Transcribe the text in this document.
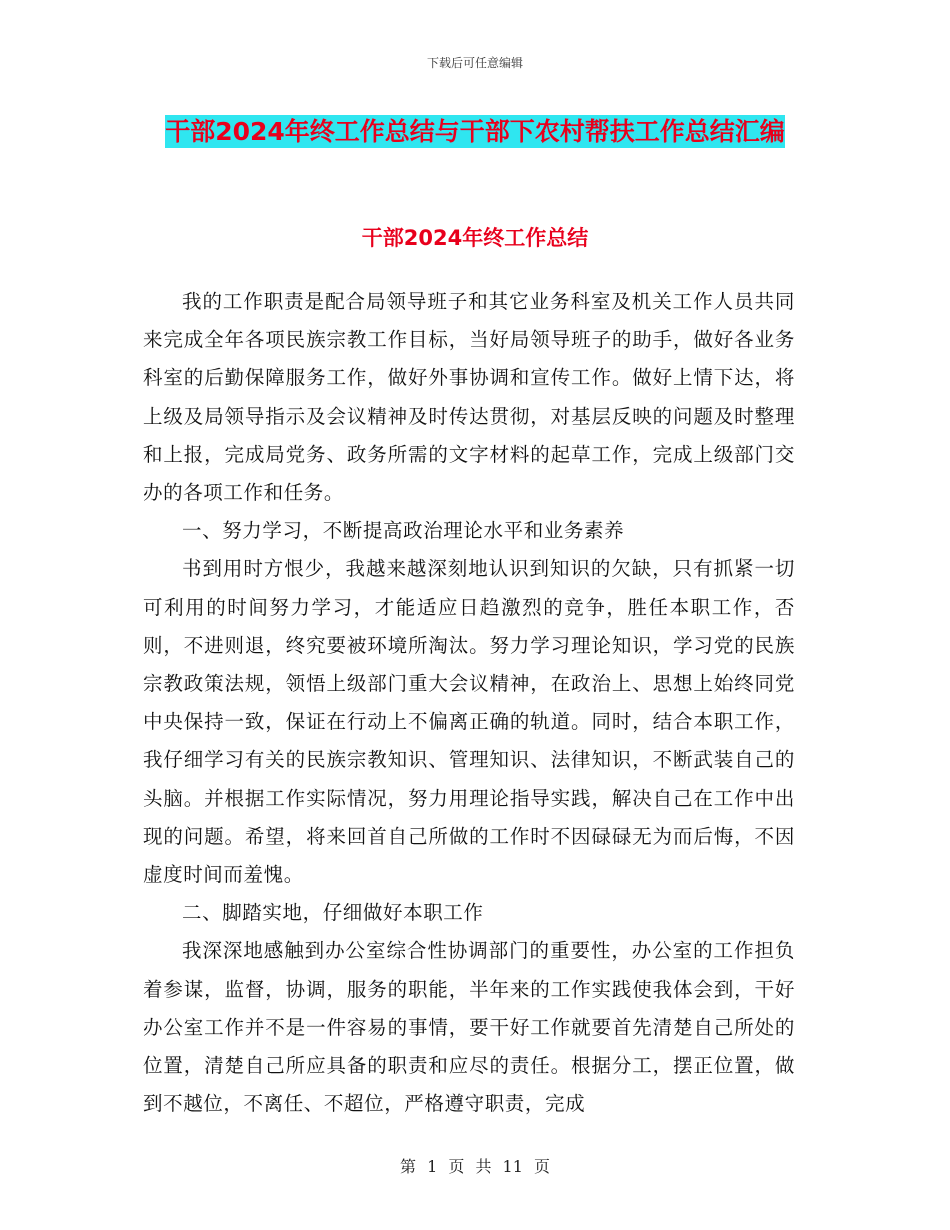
下载后可任意编辑
干部2024年终工作总结与干部下农村帮扶工作总结汇编
干部2024年终工作总结

我的工作职责是配合局领导班子和其它业务科室及机关工作人员共同来完成全年各项民族宗教工作目标，当好局领导班子的助手，做好各业务科室的后勤保障服务工作，做好外事协调和宣传工作。做好上情下达，将上级及局领导指示及会议精神及时传达贯彻，对基层反映的问题及时整理和上报，完成局党务、政务所需的文字材料的起草工作，完成上级部门交办的各项工作和任务。

一、努力学习，不断提高政治理论水平和业务素养

书到用时方恨少，我越来越深刻地认识到知识的欠缺，只有抓紧一切可利用的时间努力学习，才能适应日趋激烈的竞争，胜任本职工作，否则，不进则退，终究要被环境所淘汰。努力学习理论知识，学习党的民族宗教政策法规，领悟上级部门重大会议精神，在政治上、思想上始终同党中央保持一致，保证在行动上不偏离正确的轨道。同时，结合本职工作，我仔细学习有关的民族宗教知识、管理知识、法律知识，不断武装自己的头脑。并根据工作实际情况，努力用理论指导实践，解决自己在工作中出现的问题。希望，将来回首自己所做的工作时不因碌碌无为而后悔，不因虚度时间而羞愧。

二、脚踏实地，仔细做好本职工作

我深深地感触到办公室综合性协调部门的重要性，办公室的工作担负着参谋，监督，协调，服务的职能，半年来的工作实践使我体会到，干好办公室工作并不是一件容易的事情，要干好工作就要首先清楚自己所处的位置，清楚自己所应具备的职责和应尽的责任。根据分工，摆正位置，做到不越位，不离任、不超位，严格遵守职责，完成

第 1 页 共 11 页
